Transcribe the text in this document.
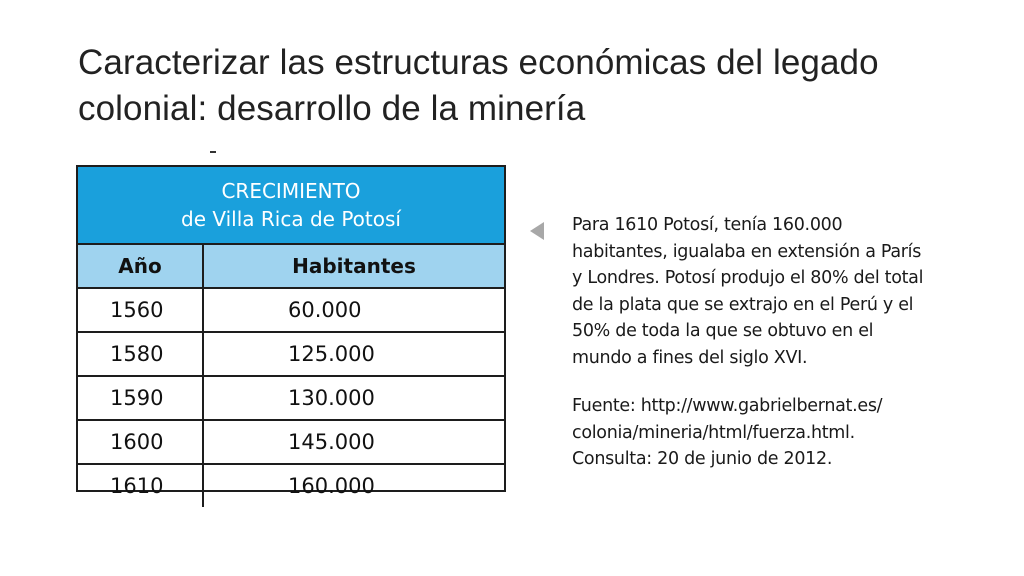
Caracterizar las estructuras económicas del legado colonial: desarrollo de la minería
CRECIMIENTO
de Villa Rica de Potosí	
Año	Habitantes
1560	60.000
1580	125.000
1590	130.000
1600	145.000
1610	160.000

Para 1610 Potosí, tenía 160.000 habitantes, igualaba en extensión a París y Londres. Potosí produjo el 80% del total de la plata que se extrajo en el Perú y el 50% de toda la que se obtuvo en el mundo a fines del siglo XVI.

Fuente: http://www.gabrielbernat.es/
colonia/mineria/html/fuerza.html.
Consulta: 20 de junio de 2012.
